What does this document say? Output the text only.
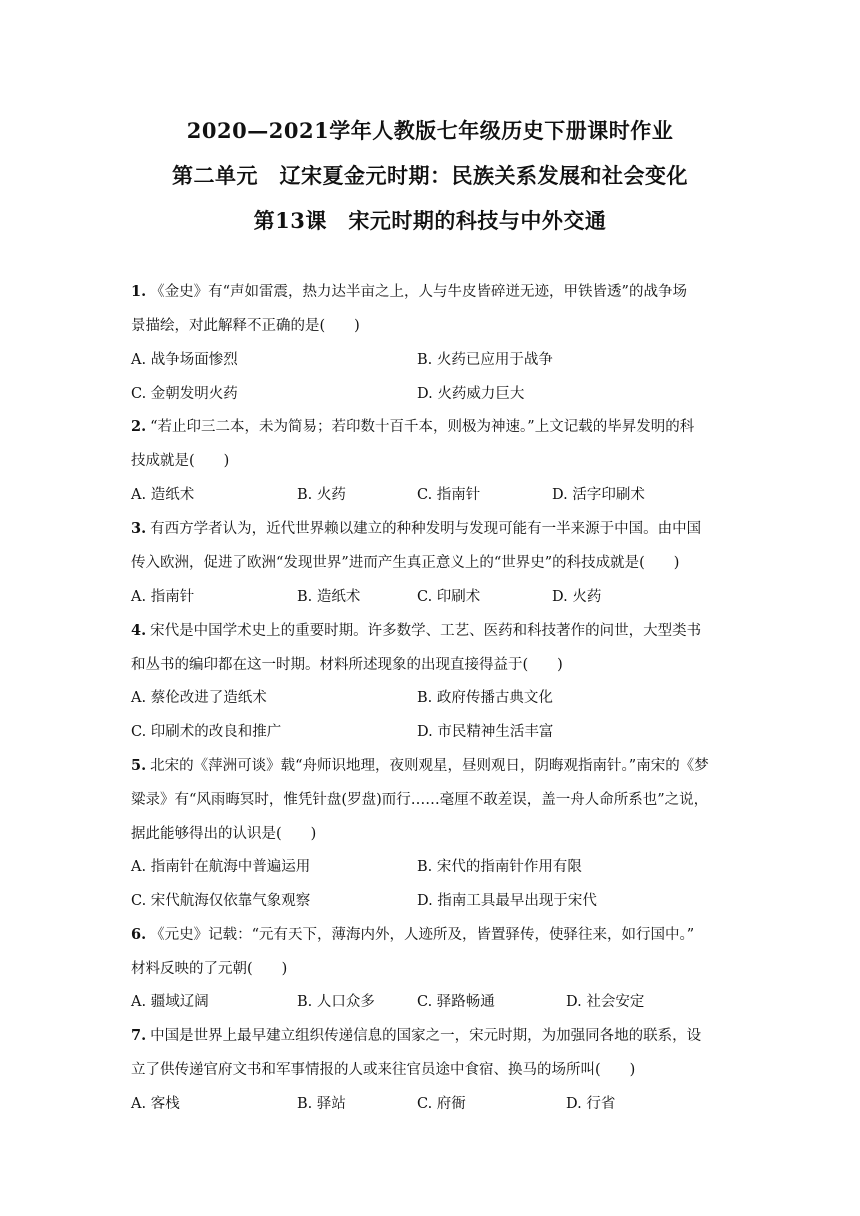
2020—2021学年人教版七年级历史下册课时作业
第二单元　辽宋夏金元时期：民族关系发展和社会变化
第13课　宋元时期的科技与中外交通
1. 《金史》有“声如雷震，热力达半亩之上，人与牛皮皆碎迸无迹，甲铁皆透”的战争场
景描绘，对此解释不正确的是(　　)
A. 战争场面惨烈	B. 火药已应用于战争
C. 金朝发明火药	D. 火药威力巨大
2. “若止印三二本，未为简易；若印数十百千本，则极为神速。”上文记载的毕昇发明的科
技成就是(　　)
A. 造纸术	B. 火药	C. 指南针	D. 活字印刷术
3. 有西方学者认为，近代世界赖以建立的种种发明与发现可能有一半来源于中国。由中国
传入欧洲，促进了欧洲“发现世界”进而产生真正意义上的“世界史”的科技成就是(　　)
A. 指南针	B. 造纸术	C. 印刷术	D. 火药
4. 宋代是中国学术史上的重要时期。许多数学、工艺、医药和科技著作的问世，大型类书
和丛书的编印都在这一时期。材料所述现象的出现直接得益于(　　)
A. 蔡伦改进了造纸术	B. 政府传播古典文化
C. 印刷术的改良和推广	D. 市民精神生活丰富
5. 北宋的《萍洲可谈》载“舟师识地理，夜则观星，昼则观日，阴晦观指南针。”南宋的《梦
粱录》有“风雨晦冥时，惟凭针盘(罗盘)而行……毫厘不敢差误，盖一舟人命所系也”之说，
据此能够得出的认识是(　　)
A. 指南针在航海中普遍运用	B. 宋代的指南针作用有限
C. 宋代航海仅依靠气象观察	D. 指南工具最早出现于宋代
6. 《元史》记载：“元有天下，薄海内外，人迹所及，皆置驿传，使驿往来，如行国中。”
材料反映的了元朝(　　)
A. 疆域辽阔	B. 人口众多	C. 驿路畅通	D. 社会安定
7. 中国是世界上最早建立组织传递信息的国家之一，宋元时期，为加强同各地的联系，设
立了供传递官府文书和军事情报的人或来往官员途中食宿、换马的场所叫(　　)
A. 客栈	B. 驿站	C. 府衙	D. 行省
